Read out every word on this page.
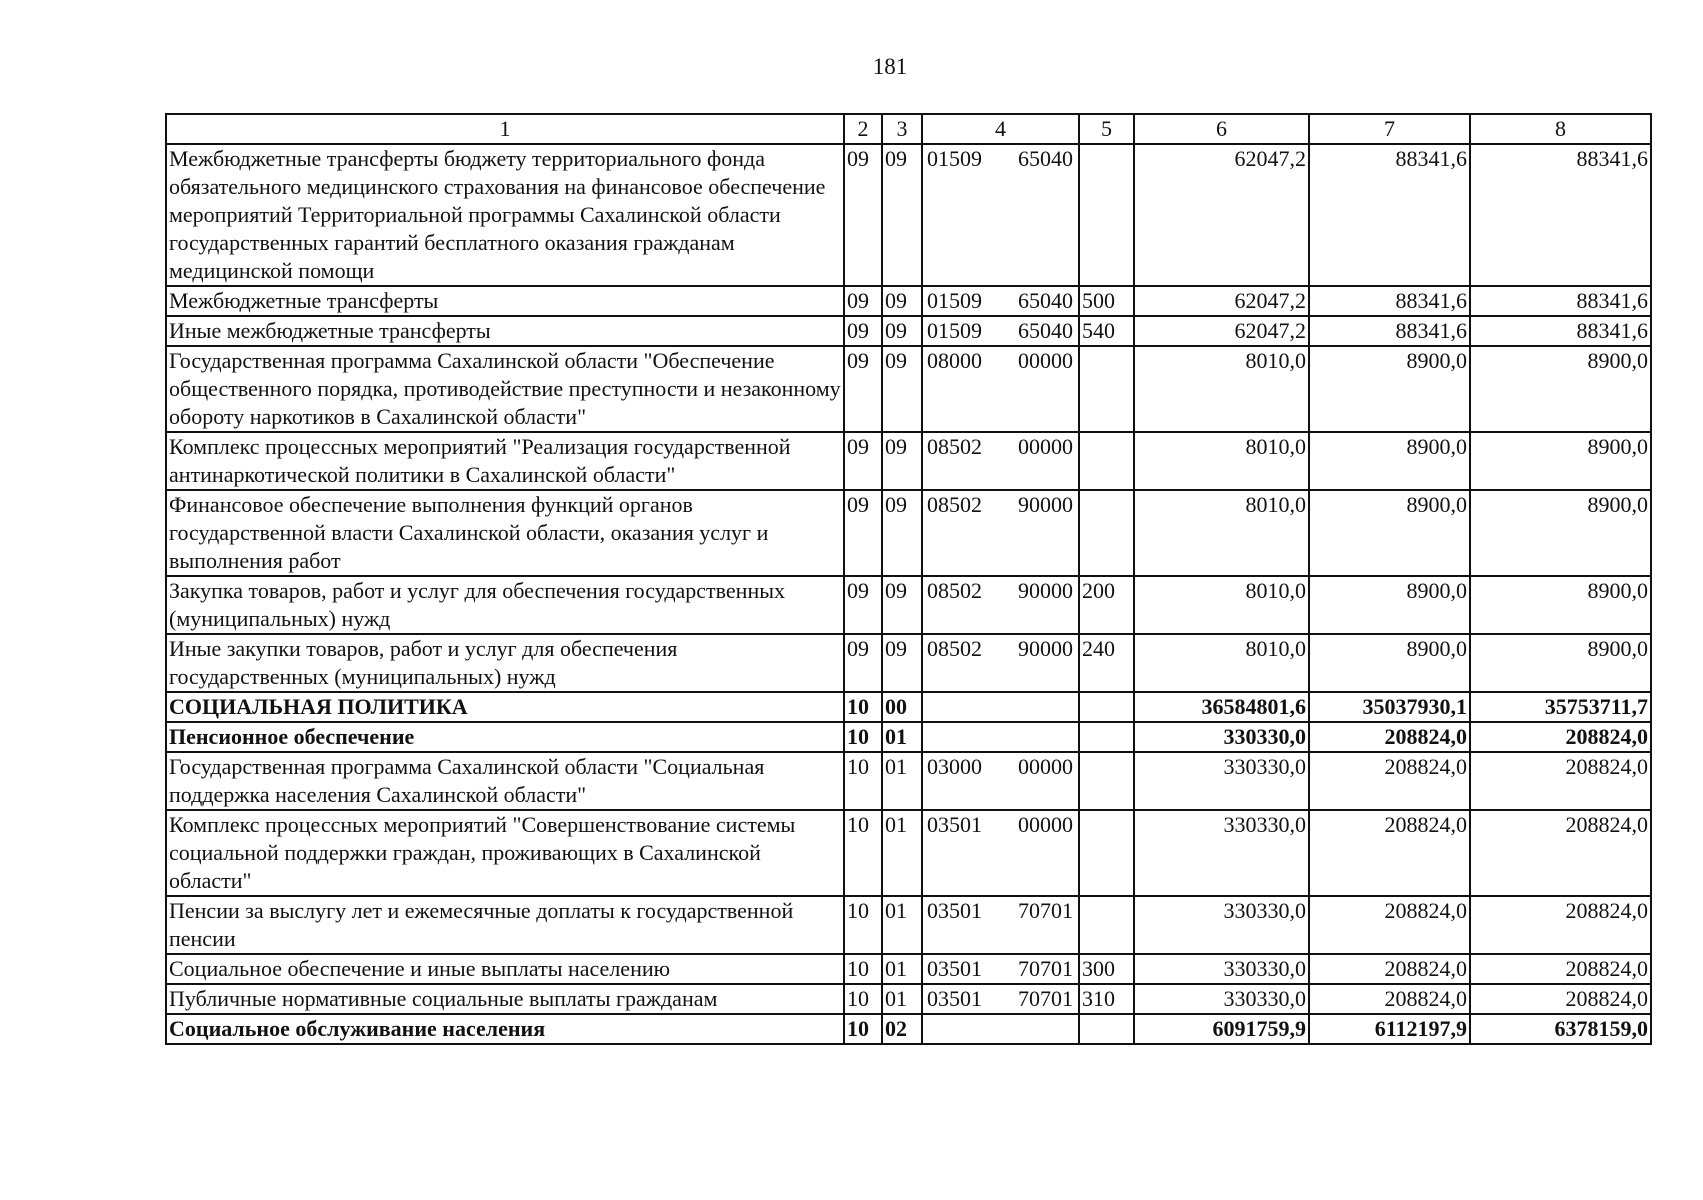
181
1	2	3	4	5	6	7	8
Межбюджетные трансферты бюджету территориального фонда обязательного медицинского страхования на финансовое обеспечение мероприятий Территориальной программы Сахалинской области государственных гарантий бесплатного оказания гражданам медицинской помощи	09	09	01509 65040		62047,2	88341,6	88341,6
Межбюджетные трансферты	09	09	01509 65040	500	62047,2	88341,6	88341,6
Иные межбюджетные трансферты	09	09	01509 65040	540	62047,2	88341,6	88341,6
Государственная программа Сахалинской области "Обеспечение общественного порядка, противодействие преступности и незаконному обороту наркотиков в Сахалинской области"	09	09	08000 00000		8010,0	8900,0	8900,0
Комплекс процессных мероприятий "Реализация государственной антинаркотической политики в Сахалинской области"	09	09	08502 00000		8010,0	8900,0	8900,0
Финансовое обеспечение выполнения функций органов государственной власти Сахалинской области, оказания услуг и выполнения работ	09	09	08502 90000		8010,0	8900,0	8900,0
Закупка товаров, работ и услуг для обеспечения государственных (муниципальных) нужд	09	09	08502 90000	200	8010,0	8900,0	8900,0
Иные закупки товаров, работ и услуг для обеспечения государственных (муниципальных) нужд	09	09	08502 90000	240	8010,0	8900,0	8900,0
СОЦИАЛЬНАЯ ПОЛИТИКА	10	00			36584801,6	35037930,1	35753711,7
Пенсионное обеспечение	10	01			330330,0	208824,0	208824,0
Государственная программа Сахалинской области "Социальная поддержка населения Сахалинской области"	10	01	03000 00000		330330,0	208824,0	208824,0
Комплекс процессных мероприятий "Совершенствование системы социальной поддержки граждан, проживающих в Сахалинской области"	10	01	03501 00000		330330,0	208824,0	208824,0
Пенсии за выслугу лет и ежемесячные доплаты к государственной пенсии	10	01	03501 70701		330330,0	208824,0	208824,0
Социальное обеспечение и иные выплаты населению	10	01	03501 70701	300	330330,0	208824,0	208824,0
Публичные нормативные социальные выплаты гражданам	10	01	03501 70701	310	330330,0	208824,0	208824,0
Социальное обслуживание населения	10	02			6091759,9	6112197,9	6378159,0
